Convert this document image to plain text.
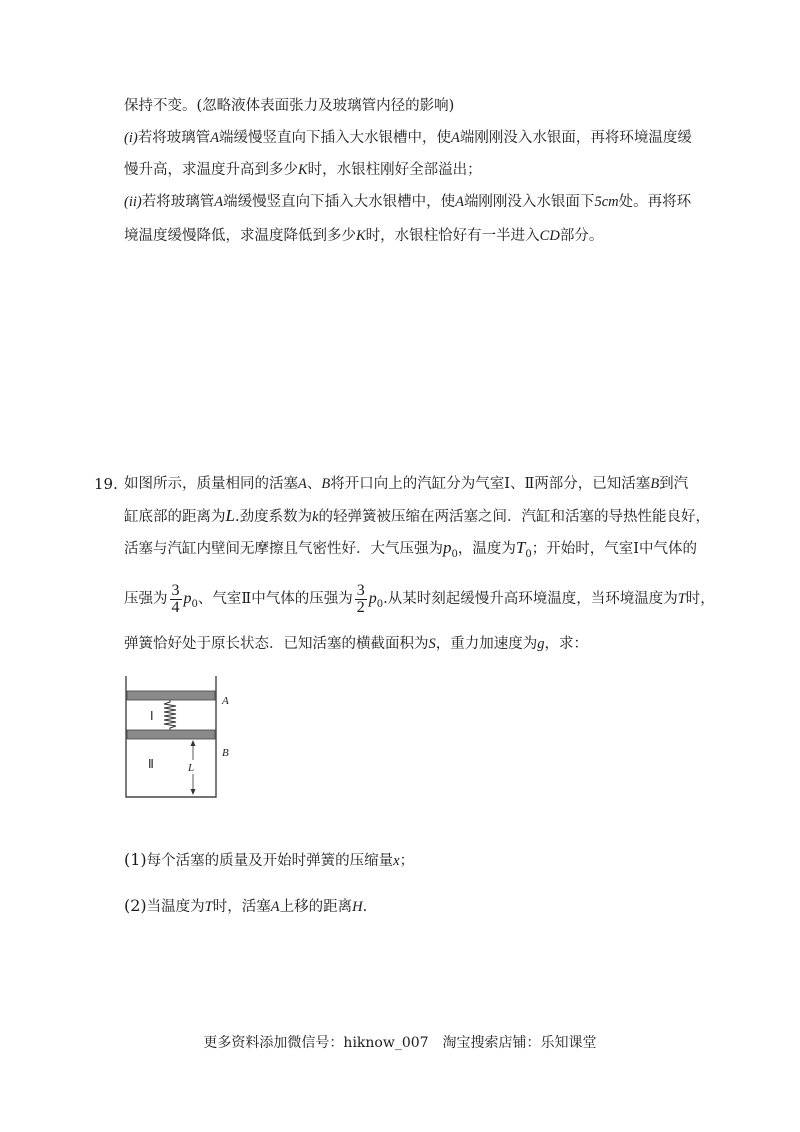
保持不变。(忽略液体表面张力及玻璃管内径的影响)
(i)若将玻璃管A端缓慢竖直向下插入大水银槽中，使A端刚刚没入水银面，再将环境温度缓
慢升高，求温度升高到多少K时，水银柱刚好全部溢出；
(ii)若将玻璃管A端缓慢竖直向下插入大水银槽中，使A端刚刚没入水银面下5cm处。再将环
境温度缓慢降低，求温度降低到多少K时，水银柱恰好有一半进入CD部分。
19. 如图所示，质量相同的活塞A、B将开口向上的汽缸分为气室Ⅰ、Ⅱ两部分，已知活塞B到汽
缸底部的距离为L.劲度系数为k的轻弹簧被压缩在两活塞之间．汽缸和活塞的导热性能良好，
活塞与汽缸内壁间无摩擦且气密性好．大气压强为$p_0$，温度为$T_0$；开始时，气室Ⅰ中气体的
压强为 $\frac{3}{4} p_0$、气室Ⅱ中气体的压强为 $\frac{3}{2} p_0$.从某时刻起缓慢升高环境温度，当环境温度为T时，
弹簧恰好处于原长状态．已知活塞的横截面积为S，重力加速度为g，求：
Ⅰ
Ⅱ	L
A
B
(1)每个活塞的质量及开始时弹簧的压缩量x；
(2)当温度为T时，活塞A上移的距离H.
更多资料添加微信号：hiknow_007　淘宝搜索店铺：乐知课堂
